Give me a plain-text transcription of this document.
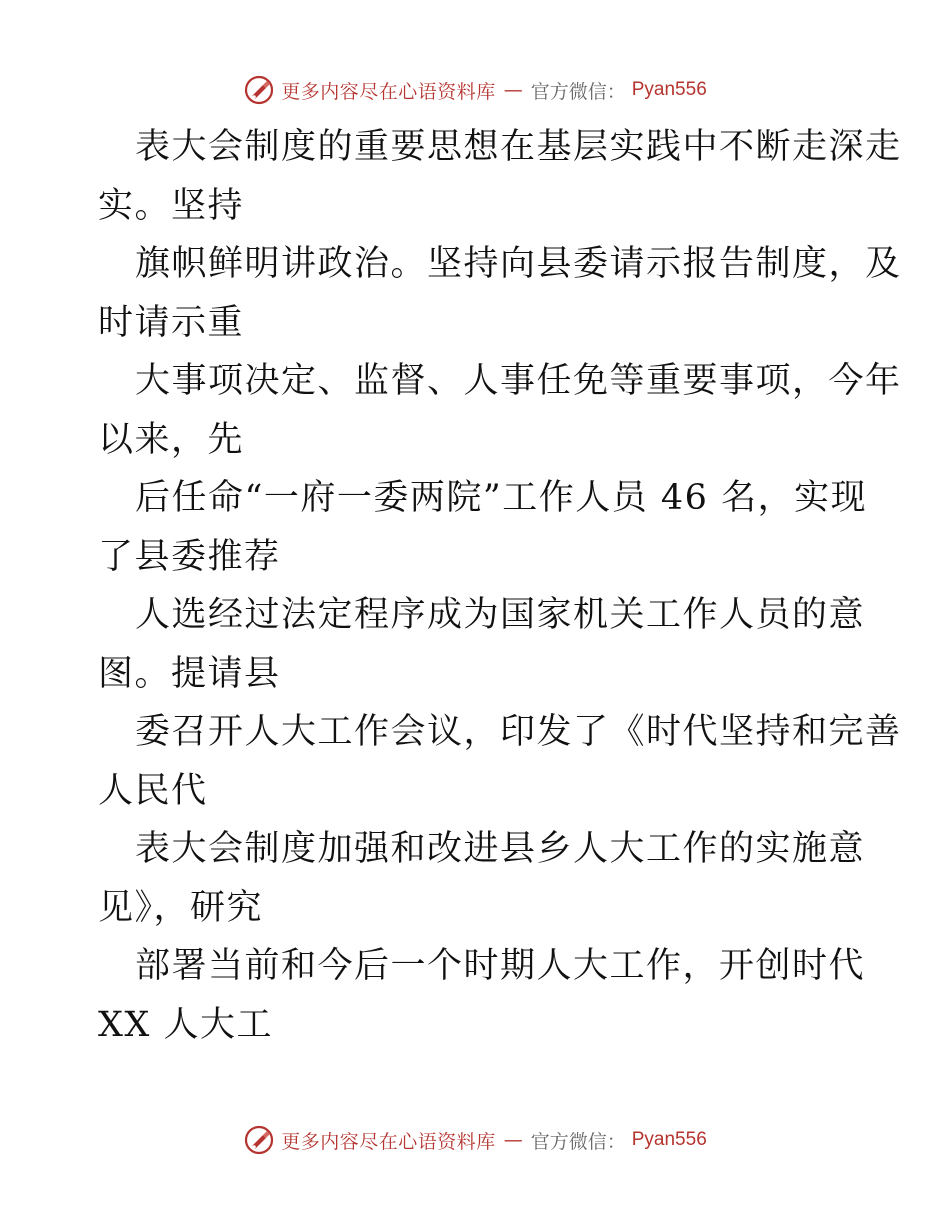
更多内容尽在心语资料库 — 官方微信： Pyan556
表大会制度的重要思想在基层实践中不断走深走
实。坚持
旗帜鲜明讲政治。坚持向县委请示报告制度，及
时请示重
大事项决定、监督、人事任免等重要事项，今年
以来，先
后任命“一府一委两院”工作人员 46 名，实现
了县委推荐
人选经过法定程序成为国家机关工作人员的意
图。提请县
委召开人大工作会议，印发了《时代坚持和完善
人民代
表大会制度加强和改进县乡人大工作的实施意
见》，研究
部署当前和今后一个时期人大工作，开创时代
XX 人大工
更多内容尽在心语资料库 — 官方微信： Pyan556
